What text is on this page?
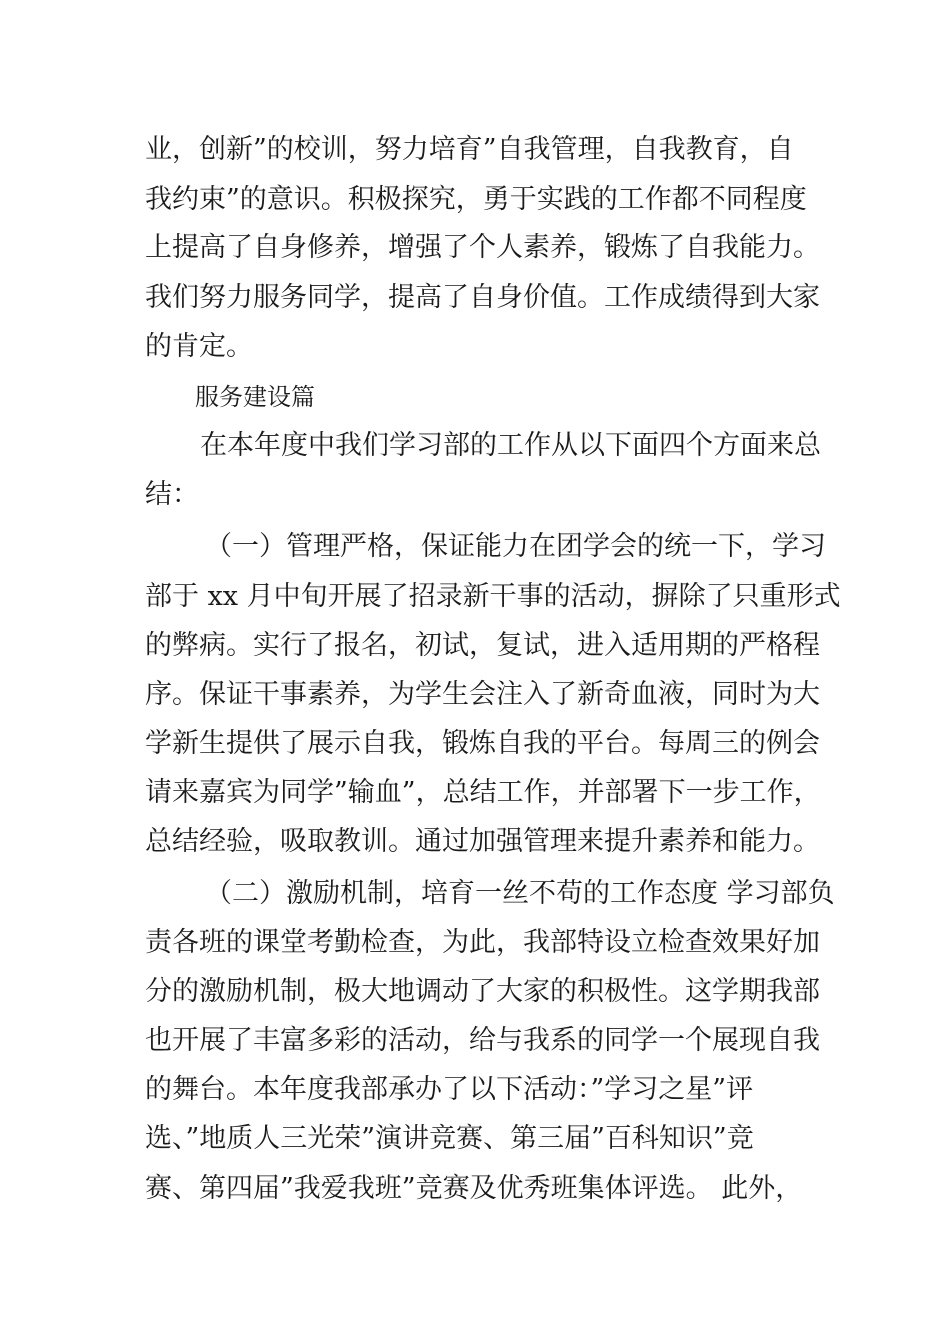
业，创新”的校训，努力培育”自我管理，自我教育，自
我约束”的意识。积极探究，勇于实践的工作都不同程度
上提高了自身修养，增强了个人素养，锻炼了自我能力。
我们努力服务同学，提高了自身价值。工作成绩得到大家
的肯定。
服务建设篇
在本年度中我们学习部的工作从以下面四个方面来总
结：
（一）管理严格，保证能力在团学会的统一下，学习
部于 xx 月中旬开展了招录新干事的活动，摒除了只重形式
的弊病。实行了报名，初试，复试，进入适用期的严格程
序。保证干事素养，为学生会注入了新奇血液，同时为大
学新生提供了展示自我，锻炼自我的平台。每周三的例会
请来嘉宾为同学”输血”，总结工作，并部署下一步工作，
总结经验，吸取教训。通过加强管理来提升素养和能力。
（二）激励机制，培育一丝不苟的工作态度 学习部负
责各班的课堂考勤检查，为此，我部特设立检查效果好加
分的激励机制，极大地调动了大家的积极性。这学期我部
也开展了丰富多彩的活动，给与我系的同学一个展现自我
的舞台。本年度我部承办了以下活动：”学习之星”评
选、”地质人三光荣”演讲竞赛、第三届”百科知识”竞
赛、第四届”我爱我班”竞赛及优秀班集体评选。 此外，
